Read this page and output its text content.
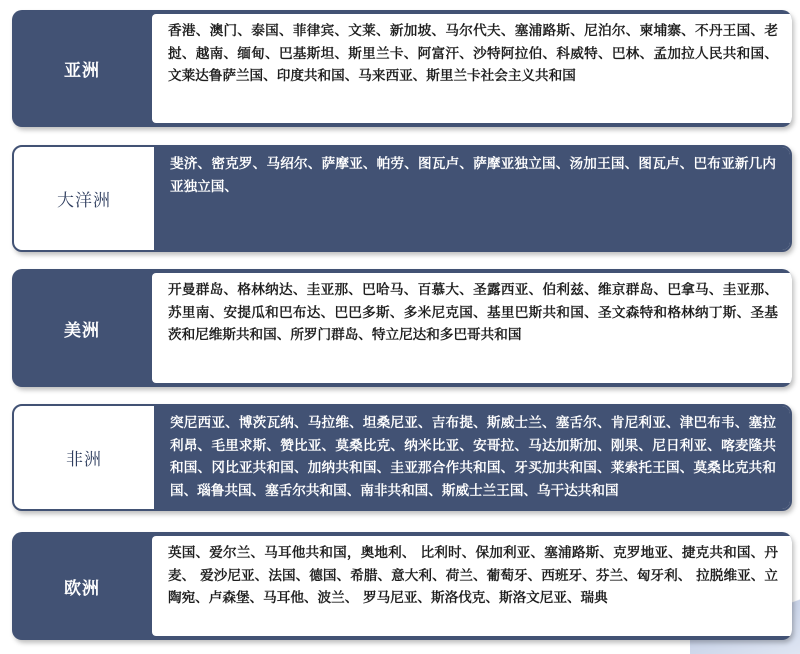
亚洲
香港、澳门、泰国、菲律宾、文莱、新加坡、马尔代夫、塞浦路斯、尼泊尔、柬埔寨、不丹王国、老挝、越南、缅甸、巴基斯坦、斯里兰卡、阿富汗、沙特阿拉伯、科威特、巴林、孟加拉人民共和国、文莱达鲁萨兰国、印度共和国、马来西亚、斯里兰卡社会主义共和国
大洋洲
斐济、密克罗、马绍尔、萨摩亚、帕劳、图瓦卢、萨摩亚独立国、汤加王国、图瓦卢、巴布亚新几内亚独立国、
美洲
开曼群岛、格林纳达、圭亚那、巴哈马、百慕大、圣露西亚、伯利兹、维京群岛、巴拿马、圭亚那、苏里南、安提瓜和巴布达、巴巴多斯、多米尼克国、基里巴斯共和国、圣文森特和格林纳丁斯、圣基茨和尼维斯共和国、所罗门群岛、特立尼达和多巴哥共和国
非洲
突尼西亚、博茨瓦纳、马拉维、坦桑尼亚、吉布提、斯威士兰、塞舌尔、肯尼利亚、津巴布韦、塞拉利昂、毛里求斯、赞比亚、莫桑比克、纳米比亚、安哥拉、马达加斯加、刚果、尼日利亚、喀麦隆共和国、冈比亚共和国、加纳共和国、圭亚那合作共和国、牙买加共和国、莱索托王国、莫桑比克共和国、瑙鲁共国、塞舌尔共和国、南非共和国、斯威士兰王国、乌干达共和国
欧洲
英国、爱尔兰、马耳他共和国，奥地利、 比利时、保加利亚、塞浦路斯、克罗地亚、捷克共和国、丹麦、 爱沙尼亚、法国、德国、希腊、意大利、荷兰、葡萄牙、西班牙、芬兰、匈牙利、 拉脱维亚、立陶宛、卢森堡、马耳他、波兰、 罗马尼亚、斯洛伐克、斯洛文尼亚、瑞典
